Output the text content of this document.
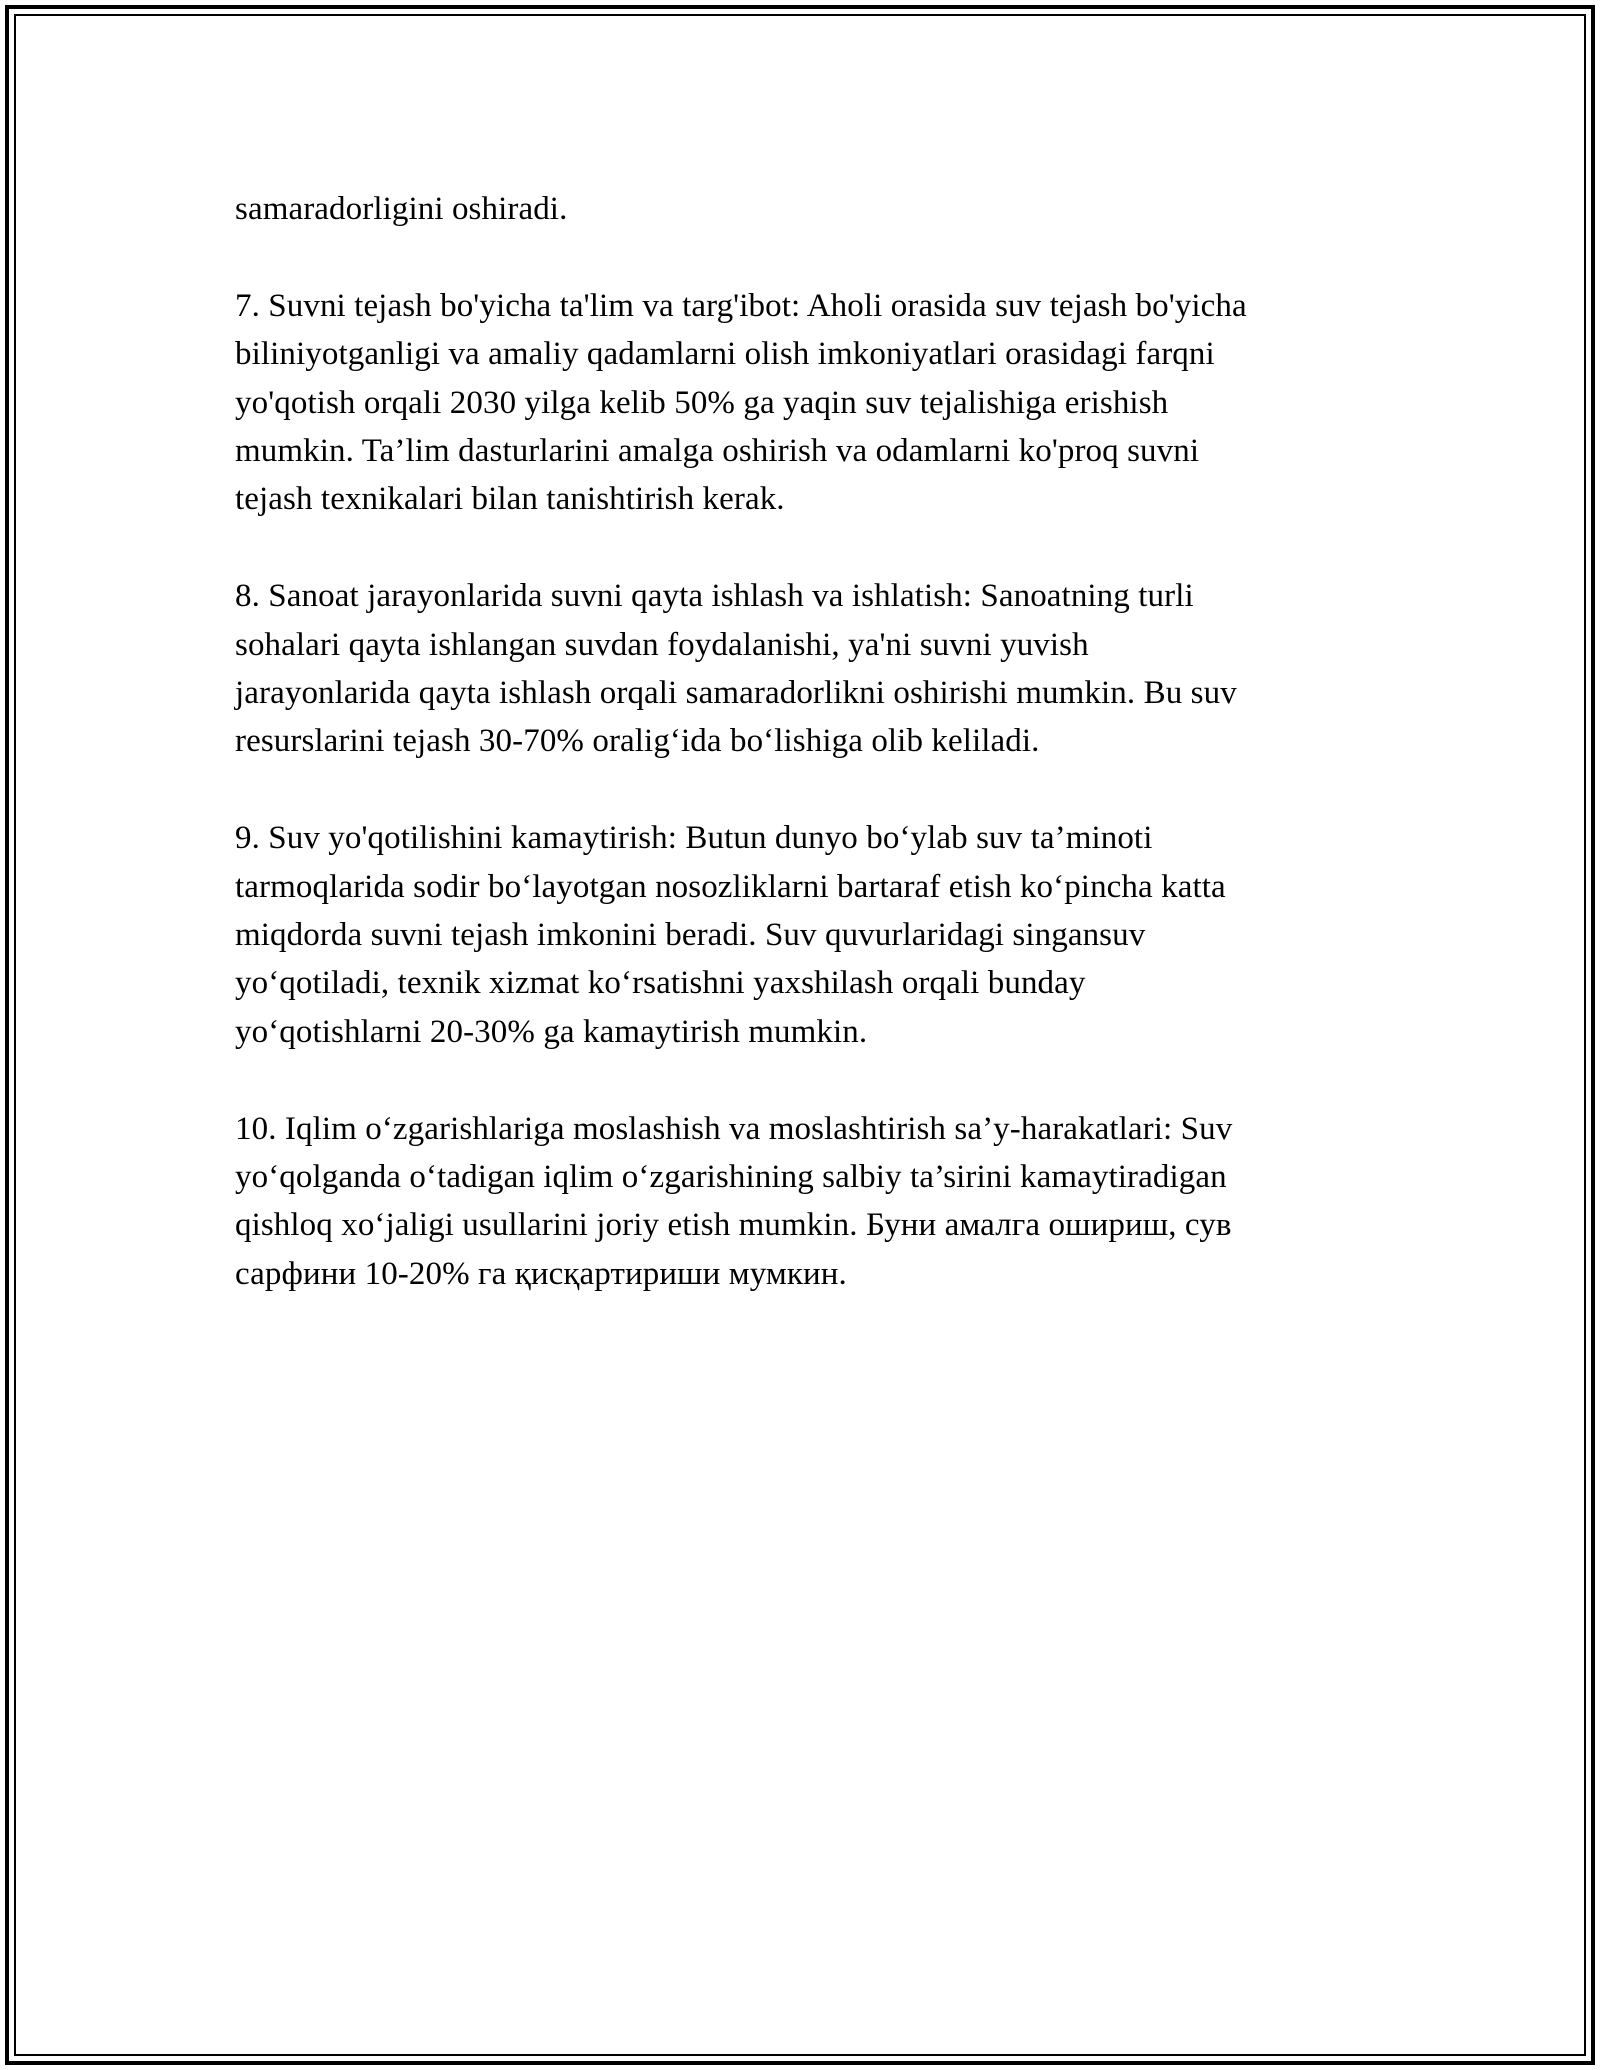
samaradorligini oshiradi.

7. Suvni tejash bo'yicha ta'lim va targ'ibot: Aholi orasida suv tejash bo'yicha
biliniyotganligi va amaliy qadamlarni olish imkoniyatlari orasidagi farqni
yo'qotish orqali 2030 yilga kelib 50% ga yaqin suv tejalishiga erishish
mumkin. Ta’lim dasturlarini amalga oshirish va odamlarni ko'proq suvni
tejash texnikalari bilan tanishtirish kerak.

8. Sanoat jarayonlarida suvni qayta ishlash va ishlatish: Sanoatning turli
sohalari qayta ishlangan suvdan foydalanishi, ya'ni suvni yuvish
jarayonlarida qayta ishlash orqali samaradorlikni oshirishi mumkin. Bu suv
resurslarini tejash 30-70% oralig‘ida bo‘lishiga olib keliladi.

9. Suv yo'qotilishini kamaytirish: Butun dunyo bo‘ylab suv ta’minoti
tarmoqlarida sodir bo‘layotgan nosozliklarni bartaraf etish ko‘pincha katta
miqdorda suvni tejash imkonini beradi. Suv quvurlaridagi singansuv
yo‘qotiladi, texnik xizmat ko‘rsatishni yaxshilash orqali bunday
yo‘qotishlarni 20-30% ga kamaytirish mumkin.

10. Iqlim o‘zgarishlariga moslashish va moslashtirish sa’y-harakatlari: Suv
yo‘qolganda o‘tadigan iqlim o‘zgarishining salbiy ta’sirini kamaytiradigan
qishloq xo‘jaligi usullarini joriy etish mumkin. Буни амалга ошириш, сув
сарфини 10-20% га қисқартириши мумкин.
